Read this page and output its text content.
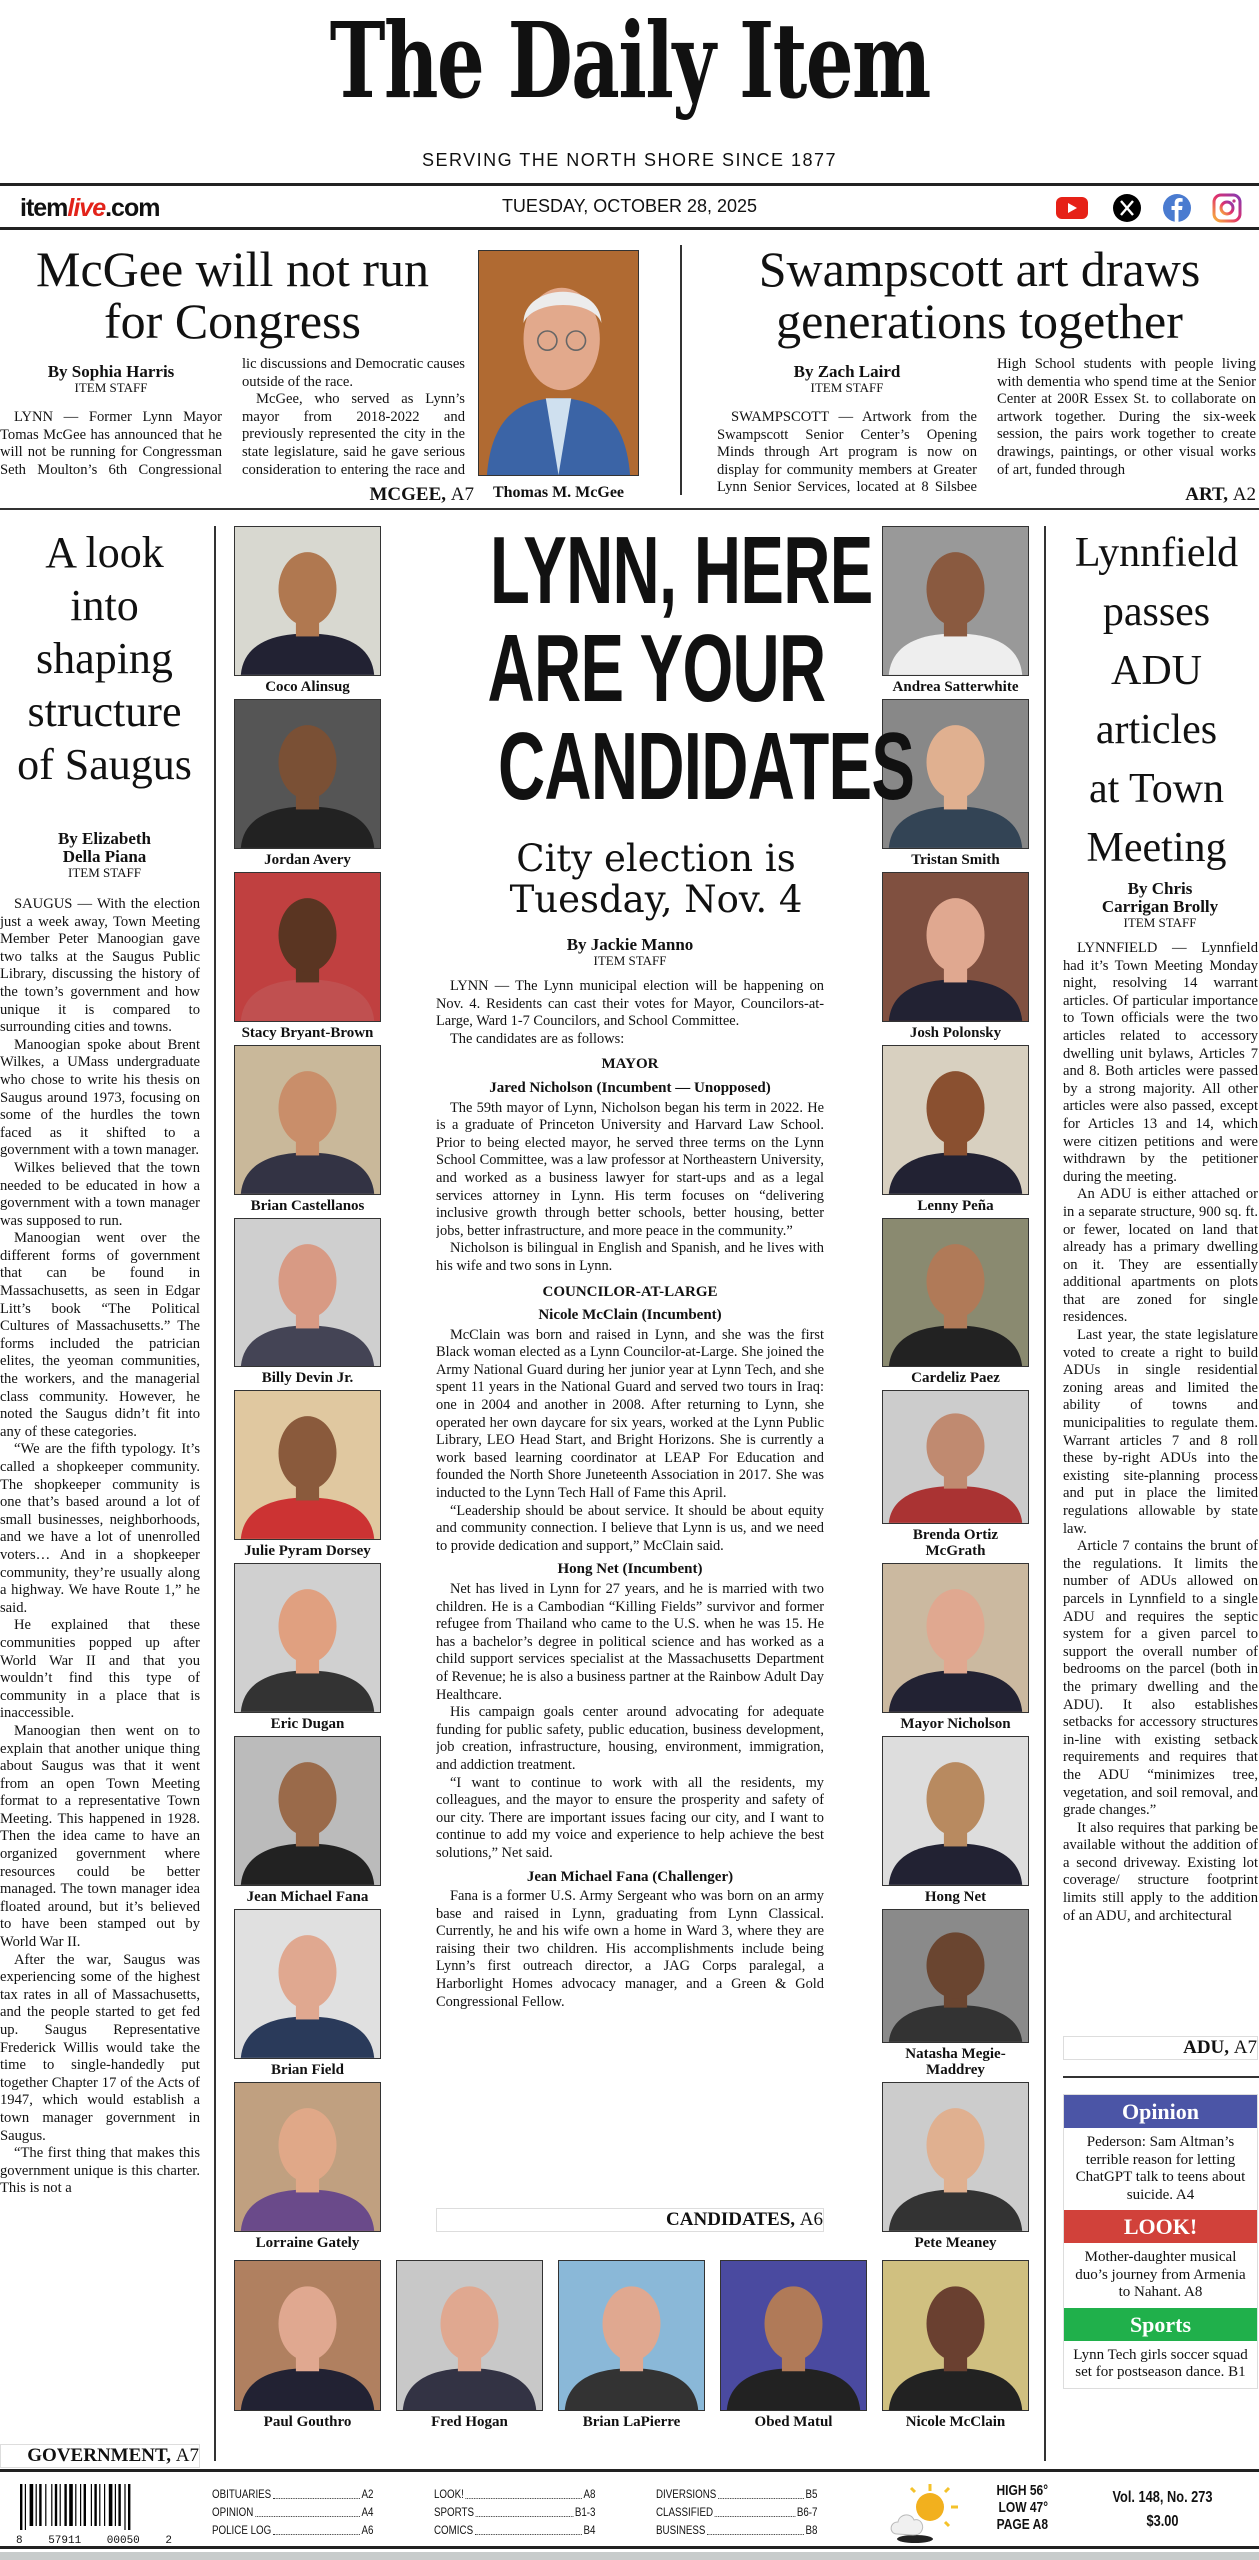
The Daily Item
SERVING THE NORTH SHORE SINCE 1877
itemlive.com	TUESDAY, OCTOBER 28, 2025
McGee will not run for Congress
By Sophia Harris
ITEM STAFF

LYNN — Former Lynn Mayor Tomas McGee has announced that he will not be running for Congressman Seth Moulton’s 6th Congressional

lic discussions and Democratic causes outside of the race.

McGee, who served as Lynn’s mayor from 2018-2022 and previously represented the city in the state legislature, said he gave serious consideration to entering the race and

MCGEE, A7	Thomas M. McGee
Swampscott art draws generations together
By Zach Laird
ITEM STAFF

SWAMPSCOTT — Artwork from the Swampscott Senior Center’s Opening Minds through Art program is now on display for community members at Greater Lynn Senior Services, located at 8 Silsbee

High School students with people living with dementia who spend time at the Senior Center at 200R Essex St. to collaborate on artwork together. During the six-week session, the pairs work together to create drawings, paintings, or other visual works of art, funded through

ART, A2
A look
into
shaping
structure
of Saugus
By Elizabeth
Della Piana
ITEM STAFF

SAUGUS — With the election just a week away, Town Meeting Member Peter Manoogian gave two talks at the Saugus Public Library, discussing the history of the town’s government and how unique it is compared to surrounding cities and towns.

Manoogian spoke about Brent Wilkes, a UMass undergraduate who chose to write his thesis on Saugus around 1973, focusing on some of the hurdles the town faced as it shifted to a government with a town manager.

Wilkes believed that the town needed to be educated in how a government with a town manager was supposed to run.

Manoogian went over the different forms of government that can be found in Massachusetts, as seen in Edgar Litt’s book “The Political Cultures of Massachusetts.” The forms included the patrician elites, the yeoman communities, the workers, and the managerial class community. However, he noted the Saugus didn’t fit into any of these categories.

“We are the fifth typology. It’s called a shopkeeper community. The shopkeeper community is one that’s based around a lot of small businesses, neighborhoods, and we have a lot of unenrolled voters… And in a shopkeeper community, they’re usually along a highway. We have Route 1,” he said.

He explained that these communities popped up after World War II and that you wouldn’t find this type of community in a place that is inaccessible.

Manoogian then went on to explain that another unique thing about Saugus was that it went from an open Town Meeting format to a representative Town Meeting. This happened in 1928. Then the idea came to have an organized government where resources could be better managed. The town manager idea floated around, but it’s believed to have been stamped out by World War II.

After the war, Saugus was experiencing some of the highest tax rates in all of Massachusetts, and the people started to get fed up. Saugus Representative Frederick Willis would take the time to single-handedly put together Chapter 17 of the Acts of 1947, which would establish a town manager government in Saugus.

“The first thing that makes this government unique is this charter. This is not a

GOVERNMENT, A7
Coco Alinsug
Jordan Avery
Stacy Bryant-Brown
Brian Castellanos
Billy Devin Jr.
Julie Pyram Dorsey
Eric Dugan
Jean Michael Fana
Brian Field
Lorraine Gately
Andrea Satterwhite
Tristan Smith
Josh Polonsky
Lenny Peña
Cardeliz Paez
Brenda Ortiz McGrath
Mayor Nicholson
Hong Net
Natasha Megie-Maddrey
Pete Meaney
Paul Gouthro	Fred Hogan	Brian LaPierre	Obed Matul	Nicole McClain
LYNN, HERE
ARE YOUR
CANDIDATES
City election is
Tuesday, Nov. 4
By Jackie Manno
ITEM STAFF

LYNN — The Lynn municipal election will be happening on Nov. 4. Residents can cast their votes for Mayor, Councilors-at-Large, Ward 1-7 Councilors, and School Committee.

The candidates are as follows:

MAYOR

Jared Nicholson (Incumbent — Unopposed)

The 59th mayor of Lynn, Nicholson began his term in 2022. He is a graduate of Princeton University and Harvard Law School. Prior to being elected mayor, he served three terms on the Lynn School Committee, was a law professor at Northeastern University, and worked as a business lawyer for start-ups and as a legal services attorney in Lynn. His term focuses on “delivering inclusive growth through better schools, better housing, better jobs, better infrastructure, and more peace in the community.”

Nicholson is bilingual in English and Spanish, and he lives with his wife and two sons in Lynn.

COUNCILOR-AT-LARGE

Nicole McClain (Incumbent)

McClain was born and raised in Lynn, and she was the first Black woman elected as a Lynn Councilor-at-Large. She joined the Army National Guard during her junior year at Lynn Tech, and she spent 11 years in the National Guard and served two tours in Iraq: one in 2004 and another in 2008. After returning to Lynn, she operated her own daycare for six years, worked at the Lynn Public Library, LEO Head Start, and Bright Horizons. She is currently a work based learning coordinator at LEAP For Education and founded the North Shore Juneteenth Association in 2017. She was inducted to the Lynn Tech Hall of Fame this April.

“Leadership should be about service. It should be about equity and community connection. I believe that Lynn is us, and we need to provide dedication and support,” McClain said.

Hong Net (Incumbent)

Net has lived in Lynn for 27 years, and he is married with two children. He is a Cambodian “Killing Fields” survivor and former refugee from Thailand who came to the U.S. when he was 15. He has a bachelor’s degree in political science and has worked as a child support services specialist at the Massachusetts Department of Revenue; he is also a business partner at the Rainbow Adult Day Healthcare.

His campaign goals center around advocating for adequate funding for public safety, public education, business development, job creation, infrastructure, housing, environment, immigration, and addiction treatment.

“I want to continue to work with all the residents, my colleagues, and the mayor to ensure the prosperity and safety of our city. There are important issues facing our city, and I want to continue to add my voice and experience to help achieve the best solutions,” Net said.

Jean Michael Fana (Challenger)

Fana is a former U.S. Army Sergeant who was born on an army base and raised in Lynn, graduating from Lynn Classical. Currently, he and his wife own a home in Ward 3, where they are raising their two children. His accomplishments include being Lynn’s first outreach director, a JAG Corps paralegal, a Harborlight Homes advocacy manager, and a Green & Gold Congressional Fellow.

CANDIDATES, A6
Lynnfield
passes
ADU
articles
at Town
Meeting
By Chris
Carrigan Brolly
ITEM STAFF

LYNNFIELD — Lynnfield had it’s Town Meeting Monday night, resolving 14 warrant articles. Of particular importance to Town officials were the two articles related to accessory dwelling unit bylaws, Articles 7 and 8. Both articles were passed by a strong majority. All other articles were also passed, except for Articles 13 and 14, which were citizen petitions and were withdrawn by the petitioner during the meeting.

An ADU is either attached or in a separate structure, 900 sq. ft. or fewer, located on land that already has a primary dwelling on it. They are essentially additional apartments on plots that are zoned for single residences.

Last year, the state legislature voted to create a right to build ADUs in single residential zoning areas and limited the ability of towns and municipalities to regulate them. Warrant articles 7 and 8 roll these by-right ADUs into the existing site-planning process and put in place the limited regulations allowable by state law.

Article 7 contains the brunt of the regulations. It limits the number of ADUs allowed on parcels in Lynnfield to a single ADU and requires the septic system for a given parcel to support the overall number of bedrooms on the parcel (both in the primary dwelling and the ADU). It also establishes setbacks for accessory structures in-line with existing setback requirements and requires that the ADU “minimizes tree, vegetation, and soil removal, and grade changes.”

It also requires that parking be available without the addition of a second driveway. Existing lot coverage/ structure footprint limits still apply to the addition of an ADU, and architectural

ADU, A7
Opinion
Pederson: Sam Altman’s terrible reason for letting ChatGPT talk to teens about suicide. A4
LOOK!
Mother-daughter musical duo’s journey from Armenia to Nahant. A8
Sports
Lynn Tech girls soccer squad set for postseason dance. B1
8 57911 00050 2
OBITUARIES	A2
OPINION	A4
POLICE LOG	A6
LOOK!	A8
SPORTS	B1-3
COMICS	B4
DIVERSIONS	B5
CLASSIFIED	B6-7
BUSINESS	B8
HIGH 56°
LOW 47°
PAGE A8
Vol. 148, No. 273
$3.00
